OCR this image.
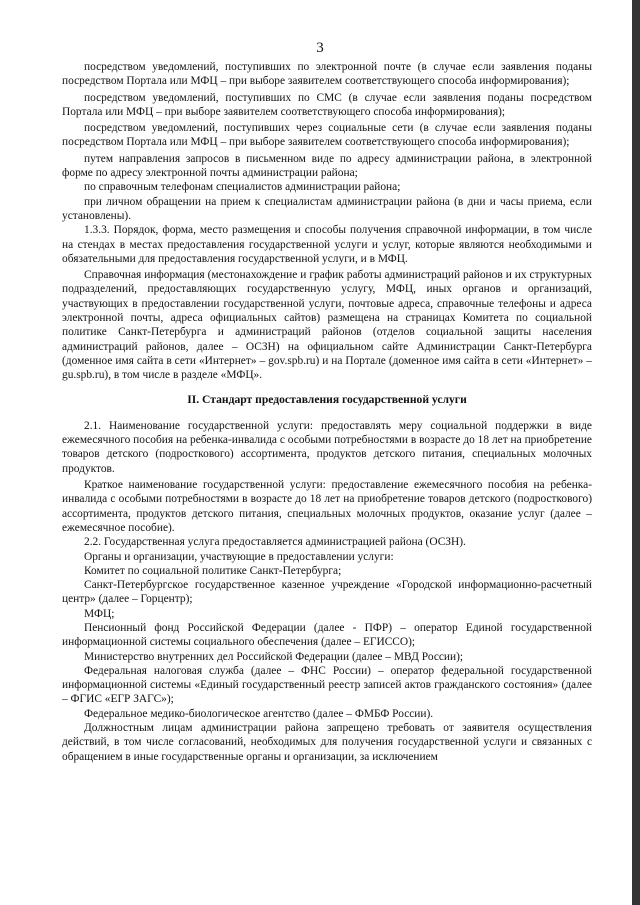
3

посредством уведомлений, поступивших по электронной почте (в случае если заявления поданы посредством Портала или МФЦ – при выборе заявителем соответствующего способа информирования);

посредством уведомлений, поступивших по СМС (в случае если заявления поданы посредством Портала или МФЦ – при выборе заявителем соответствующего способа информирования);

посредством уведомлений, поступивших через социальные сети (в случае если заявления поданы посредством Портала или МФЦ – при выборе заявителем соответствующего способа информирования);

путем направления запросов в письменном виде по адресу администрации района, в электронной форме по адресу электронной почты администрации района;

по справочным телефонам специалистов администрации района;

при личном обращении на прием к специалистам администрации района (в дни и часы приема, если установлены).

1.3.3. Порядок, форма, место размещения и способы получения справочной информации, в том числе на стендах в местах предоставления государственной услуги и услуг, которые являются необходимыми и обязательными для предоставления государственной услуги, и в МФЦ.

Справочная информация (местонахождение и график работы администраций районов и их структурных подразделений, предоставляющих государственную услугу, МФЦ, иных органов и организаций, участвующих в предоставлении государственной услуги, почтовые адреса, справочные телефоны и адреса электронной почты, адреса официальных сайтов) размещена на страницах Комитета по социальной политике Санкт-Петербурга и администраций районов (отделов социальной защиты населения администраций районов, далее – ОСЗН) на официальном сайте Администрации Санкт-Петербурга (доменное имя сайта в сети «Интернет» – gov.spb.ru) и на Портале (доменное имя сайта в сети «Интернет» – gu.spb.ru), в том числе в разделе «МФЦ».

II. Стандарт предоставления государственной услуги

2.1. Наименование государственной услуги: предоставлять меру социальной поддержки в виде ежемесячного пособия на ребенка-инвалида с особыми потребностями в возрасте до 18 лет на приобретение товаров детского (подросткового) ассортимента, продуктов детского питания, специальных молочных продуктов.

Краткое наименование государственной услуги: предоставление ежемесячного пособия на ребенка-инвалида с особыми потребностями в возрасте до 18 лет на приобретение товаров детского (подросткового) ассортимента, продуктов детского питания, специальных молочных продуктов, оказание услуг (далее – ежемесячное пособие).

2.2. Государственная услуга предоставляется администрацией района (ОСЗН).

Органы и организации, участвующие в предоставлении услуги:

Комитет по социальной политике Санкт-Петербурга;

Санкт-Петербургское государственное казенное учреждение «Городской информационно-расчетный центр» (далее – Горцентр);

МФЦ;

Пенсионный фонд Российской Федерации (далее - ПФР) – оператор Единой государственной информационной системы социального обеспечения (далее – ЕГИССО);

Министерство внутренних дел Российской Федерации (далее – МВД России);

Федеральная налоговая служба (далее – ФНС России) – оператор федеральной государственной информационной системы «Единый государственный реестр записей актов гражданского состояния» (далее – ФГИС «ЕГР ЗАГС»);

Федеральное медико-биологическое агентство (далее – ФМБФ России).

Должностным лицам администрации района запрещено требовать от заявителя осуществления действий, в том числе согласований, необходимых для получения государственной услуги и связанных с обращением в иные государственные органы и организации, за исключением
